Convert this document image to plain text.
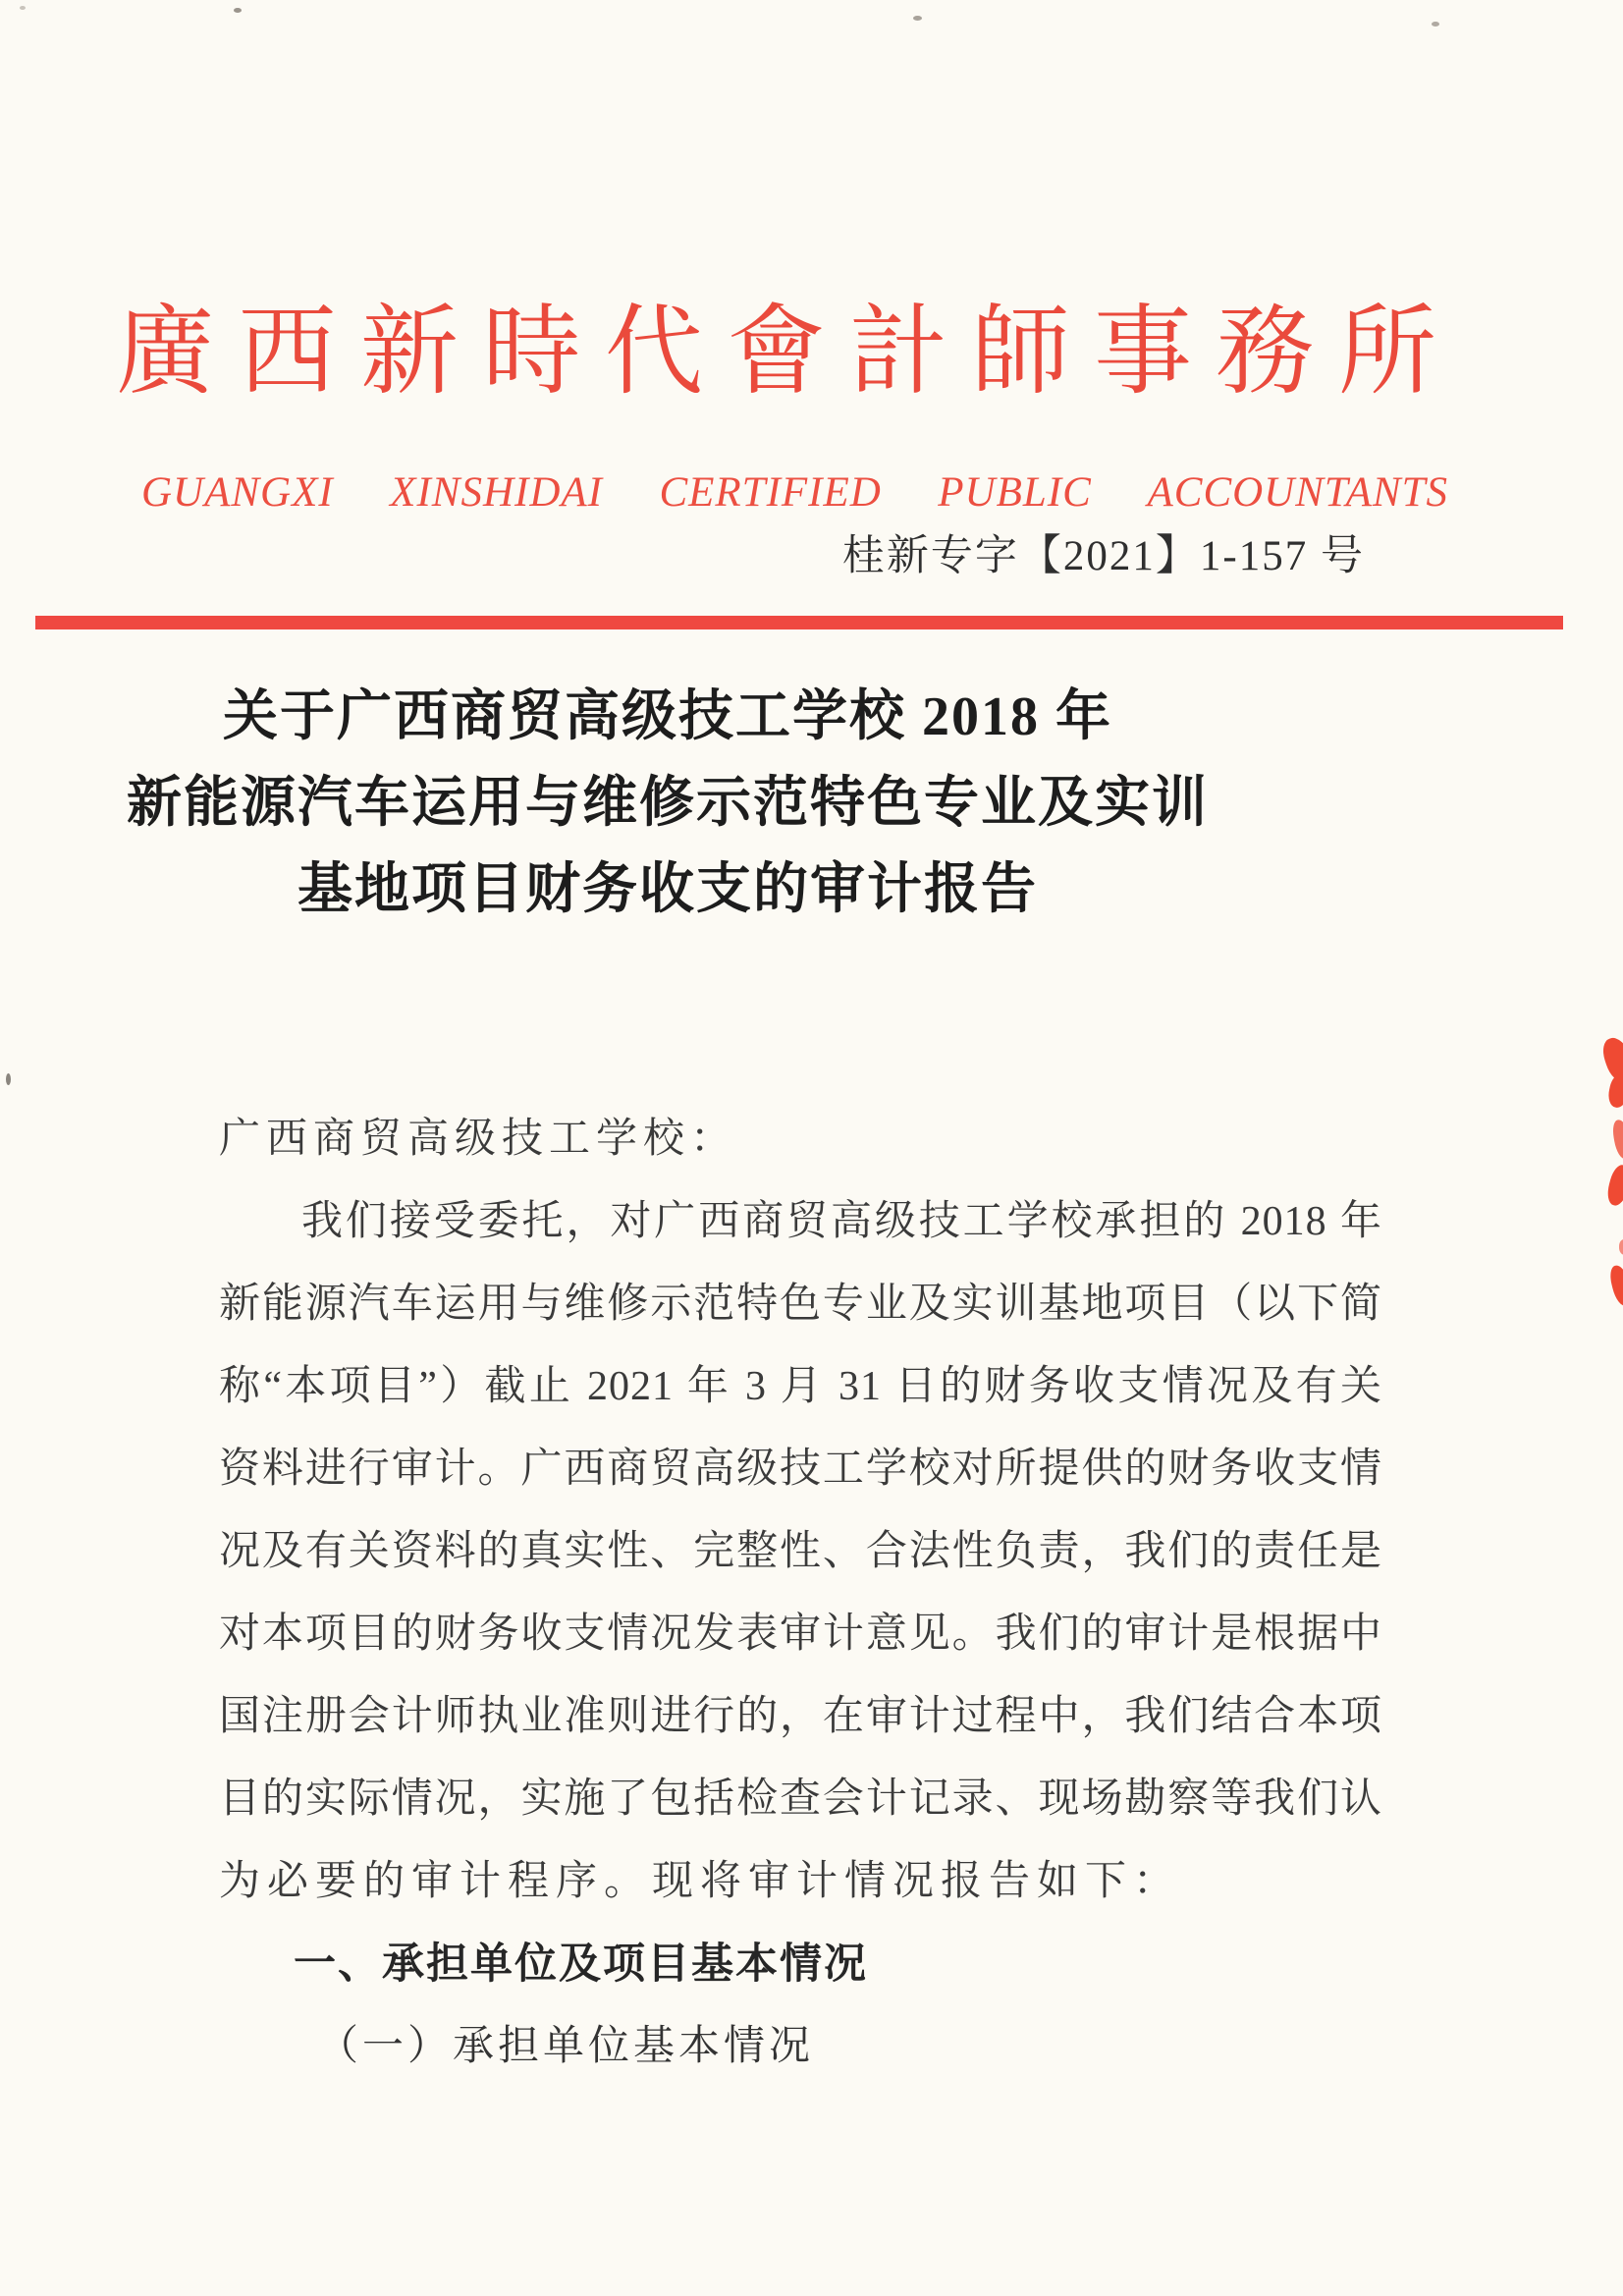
廣西新時代會計師事務所
GUANGXI XINSHIDAI CERTIFIED PUBLIC ACCOUNTANTS
桂新专字【2021】1-157 号
关于广西商贸高级技工学校 2018 年
新能源汽车运用与维修示范特色专业及实训
基地项目财务收支的审计报告
广西商贸高级技工学校：
我们接受委托，对广西商贸高级技工学校承担的 2018 年
新能源汽车运用与维修示范特色专业及实训基地项目（以下简
称“本项目”）截止 2021 年 3 月 31 日的财务收支情况及有关
资料进行审计。广西商贸高级技工学校对所提供的财务收支情
况及有关资料的真实性、完整性、合法性负责，我们的责任是
对本项目的财务收支情况发表审计意见。我们的审计是根据中
国注册会计师执业准则进行的，在审计过程中，我们结合本项
目的实际情况，实施了包括检查会计记录、现场勘察等我们认
为必要的审计程序。现将审计情况报告如下：
一、承担单位及项目基本情况
（一）承担单位基本情况
